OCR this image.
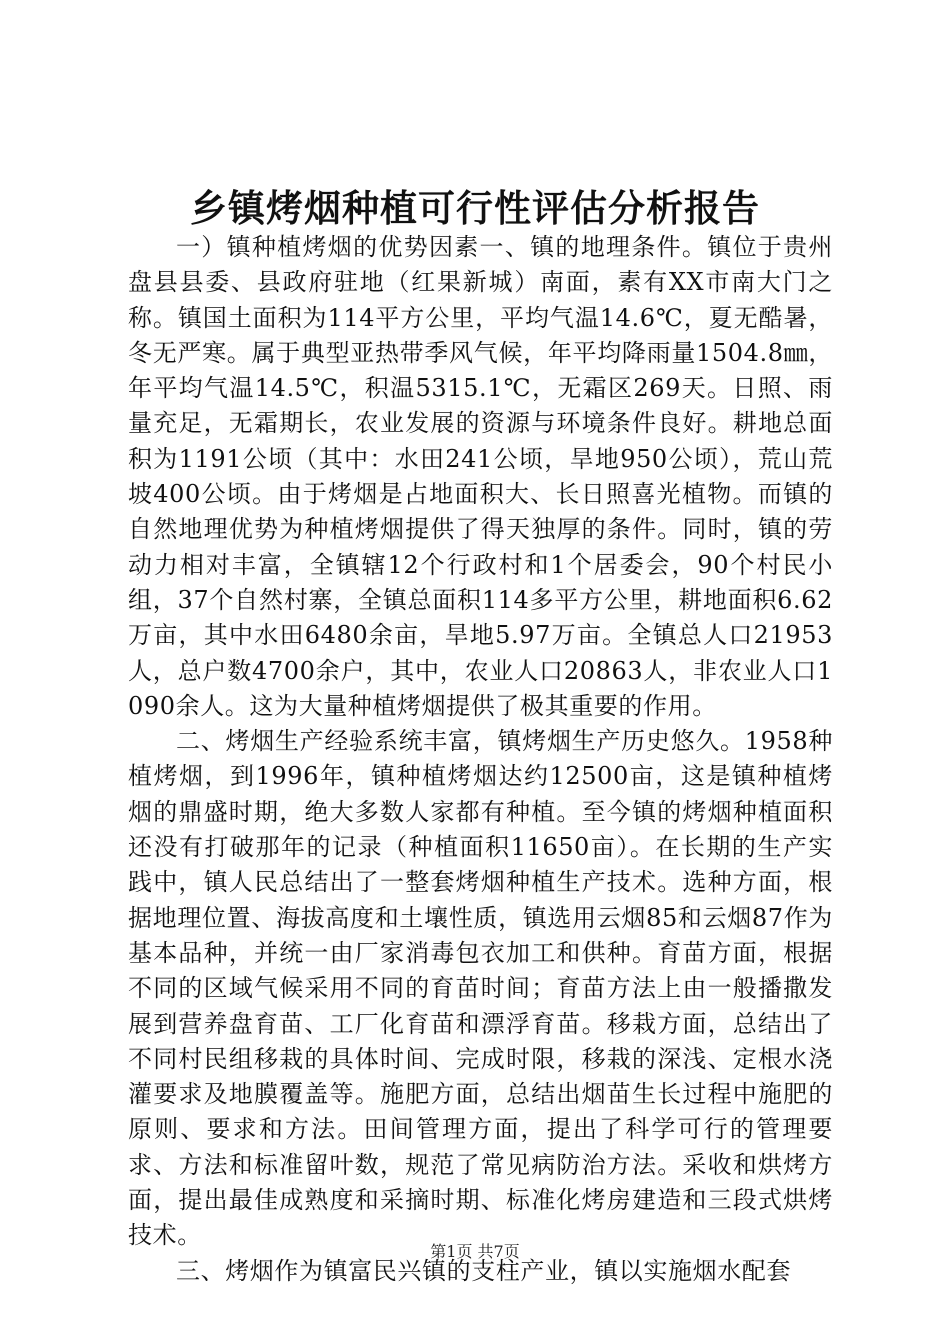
乡镇烤烟种植可行性评估分析报告

一）镇种植烤烟的优势因素一、镇的地理条件。镇位于贵州盘县县委、县政府驻地（红果新城）南面，素有XX市南大门之称。镇国土面积为114平方公里，平均气温14.6℃，夏无酷暑，冬无严寒。属于典型亚热带季风气候，年平均降雨量1504.8㎜，年平均气温14.5℃，积温5315.1℃，无霜区269天。日照、雨量充足，无霜期长，农业发展的资源与环境条件良好。耕地总面积为1191公顷（其中：水田241公顷，旱地950公顷），荒山荒坡400公顷。由于烤烟是占地面积大、长日照喜光植物。而镇的自然地理优势为种植烤烟提供了得天独厚的条件。同时，镇的劳动力相对丰富，全镇辖12个行政村和1个居委会，90个村民小组，37个自然村寨，全镇总面积114多平方公里，耕地面积6.62万亩，其中水田6480余亩，旱地5.97万亩。全镇总人口21953人，总户数4700余户，其中，农业人口20863人，非农业人口1090余人。这为大量种植烤烟提供了极其重要的作用。

二、烤烟生产经验系统丰富，镇烤烟生产历史悠久。1958种植烤烟，到1996年，镇种植烤烟达约12500亩，这是镇种植烤烟的鼎盛时期，绝大多数人家都有种植。至今镇的烤烟种植面积还没有打破那年的记录（种植面积11650亩）。在长期的生产实践中，镇人民总结出了一整套烤烟种植生产技术。选种方面，根据地理位置、海拔高度和土壤性质，镇选用云烟85和云烟87作为基本品种，并统一由厂家消毒包衣加工和供种。育苗方面，根据不同的区域气候采用不同的育苗时间；育苗方法上由一般播撒发展到营养盘育苗、工厂化育苗和漂浮育苗。移栽方面，总结出了不同村民组移栽的具体时间、完成时限，移栽的深浅、定根水浇灌要求及地膜覆盖等。施肥方面，总结出烟苗生长过程中施肥的原则、要求和方法。田间管理方面，提出了科学可行的管理要求、方法和标准留叶数，规范了常见病防治方法。采收和烘烤方面，提出最佳成熟度和采摘时期、标准化烤房建造和三段式烘烤技术。

三、烤烟作为镇富民兴镇的支柱产业，镇以实施烟水配套

第1页 共7页
